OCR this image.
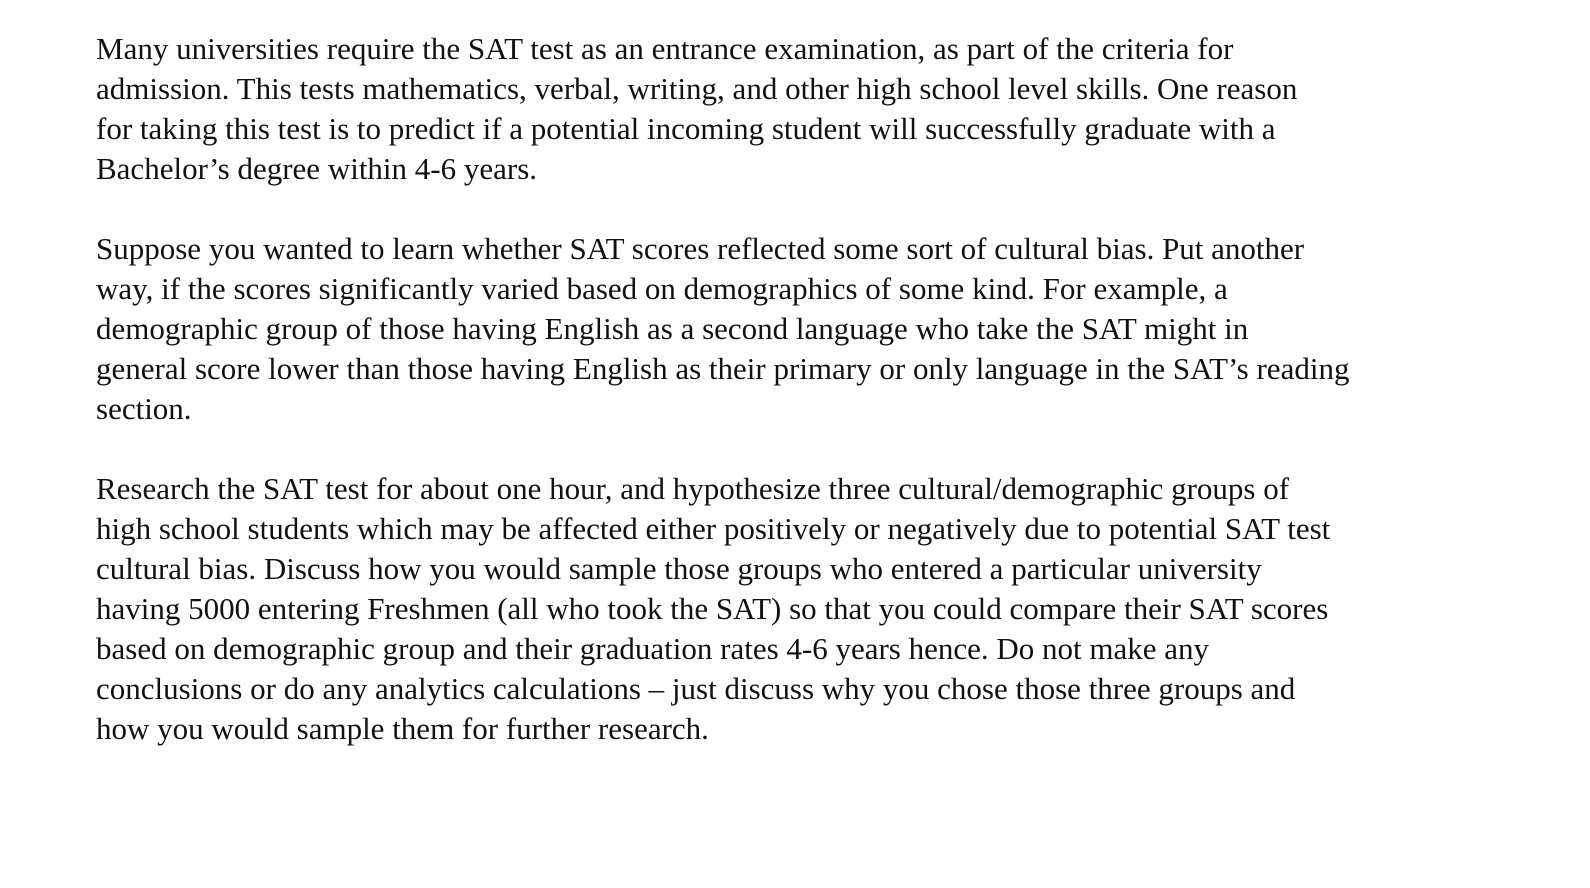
Many universities require the SAT test as an entrance examination, as part of the criteria for
admission. This tests mathematics, verbal, writing, and other high school level skills. One reason
for taking this test is to predict if a potential incoming student will successfully graduate with a
Bachelor’s degree within 4-6 years.

Suppose you wanted to learn whether SAT scores reflected some sort of cultural bias. Put another
way, if the scores significantly varied based on demographics of some kind. For example, a
demographic group of those having English as a second language who take the SAT might in
general score lower than those having English as their primary or only language in the SAT’s reading
section.

Research the SAT test for about one hour, and hypothesize three cultural/demographic groups of
high school students which may be affected either positively or negatively due to potential SAT test
cultural bias. Discuss how you would sample those groups who entered a particular university
having 5000 entering Freshmen (all who took the SAT) so that you could compare their SAT scores
based on demographic group and their graduation rates 4-6 years hence. Do not make any
conclusions or do any analytics calculations – just discuss why you chose those three groups and
how you would sample them for further research.
